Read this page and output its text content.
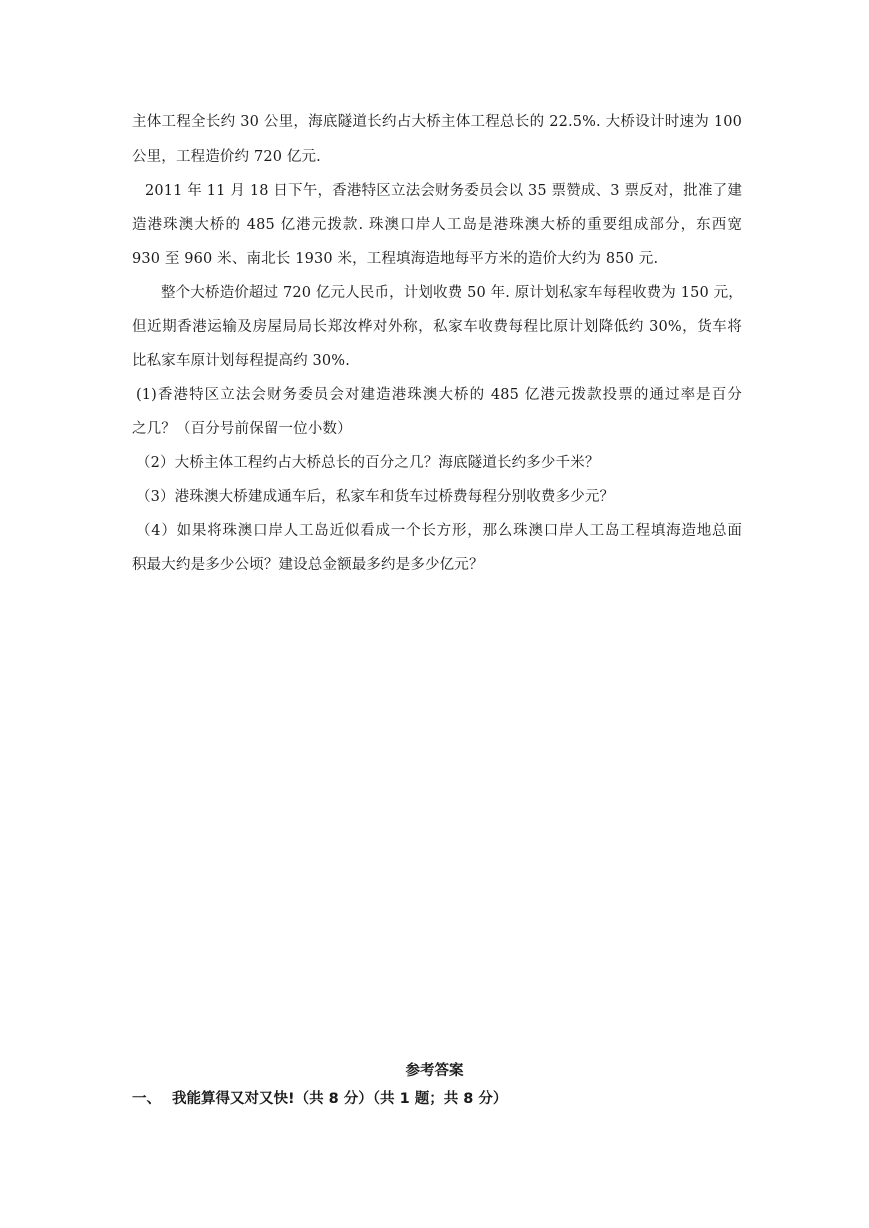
主体工程全长约 30 公里，海底隧道长约占大桥主体工程总长的 22.5%. 大桥设计时速为 100
公里，工程造价约 720 亿元.
2011 年 11 月 18 日下午，香港特区立法会财务委员会以 35 票赞成、3 票反对，批准了建
造港珠澳大桥的 485 亿港元拨款. 珠澳口岸人工岛是港珠澳大桥的重要组成部分，东西宽
930 至 960 米、南北长 1930 米，工程填海造地每平方米的造价大约为 850 元.
整个大桥造价超过 720 亿元人民币，计划收费 50 年. 原计划私家车每程收费为 150 元，
但近期香港运输及房屋局局长郑汝桦对外称，私家车收费每程比原计划降低约 30%，货车将
比私家车原计划每程提高约 30%.
(1)香港特区立法会财务委员会对建造港珠澳大桥的 485 亿港元拨款投票的通过率是百分
之几？（百分号前保留一位小数）
（2）大桥主体工程约占大桥总长的百分之几？海底隧道长约多少千米？
（3）港珠澳大桥建成通车后，私家车和货车过桥费每程分别收费多少元？
（4）如果将珠澳口岸人工岛近似看成一个长方形，那么珠澳口岸人工岛工程填海造地总面
积最大约是多少公顷？建设总金额最多约是多少亿元？
参考答案
一、 我能算得又对又快!（共 8 分）（共 1 题；共 8 分）
